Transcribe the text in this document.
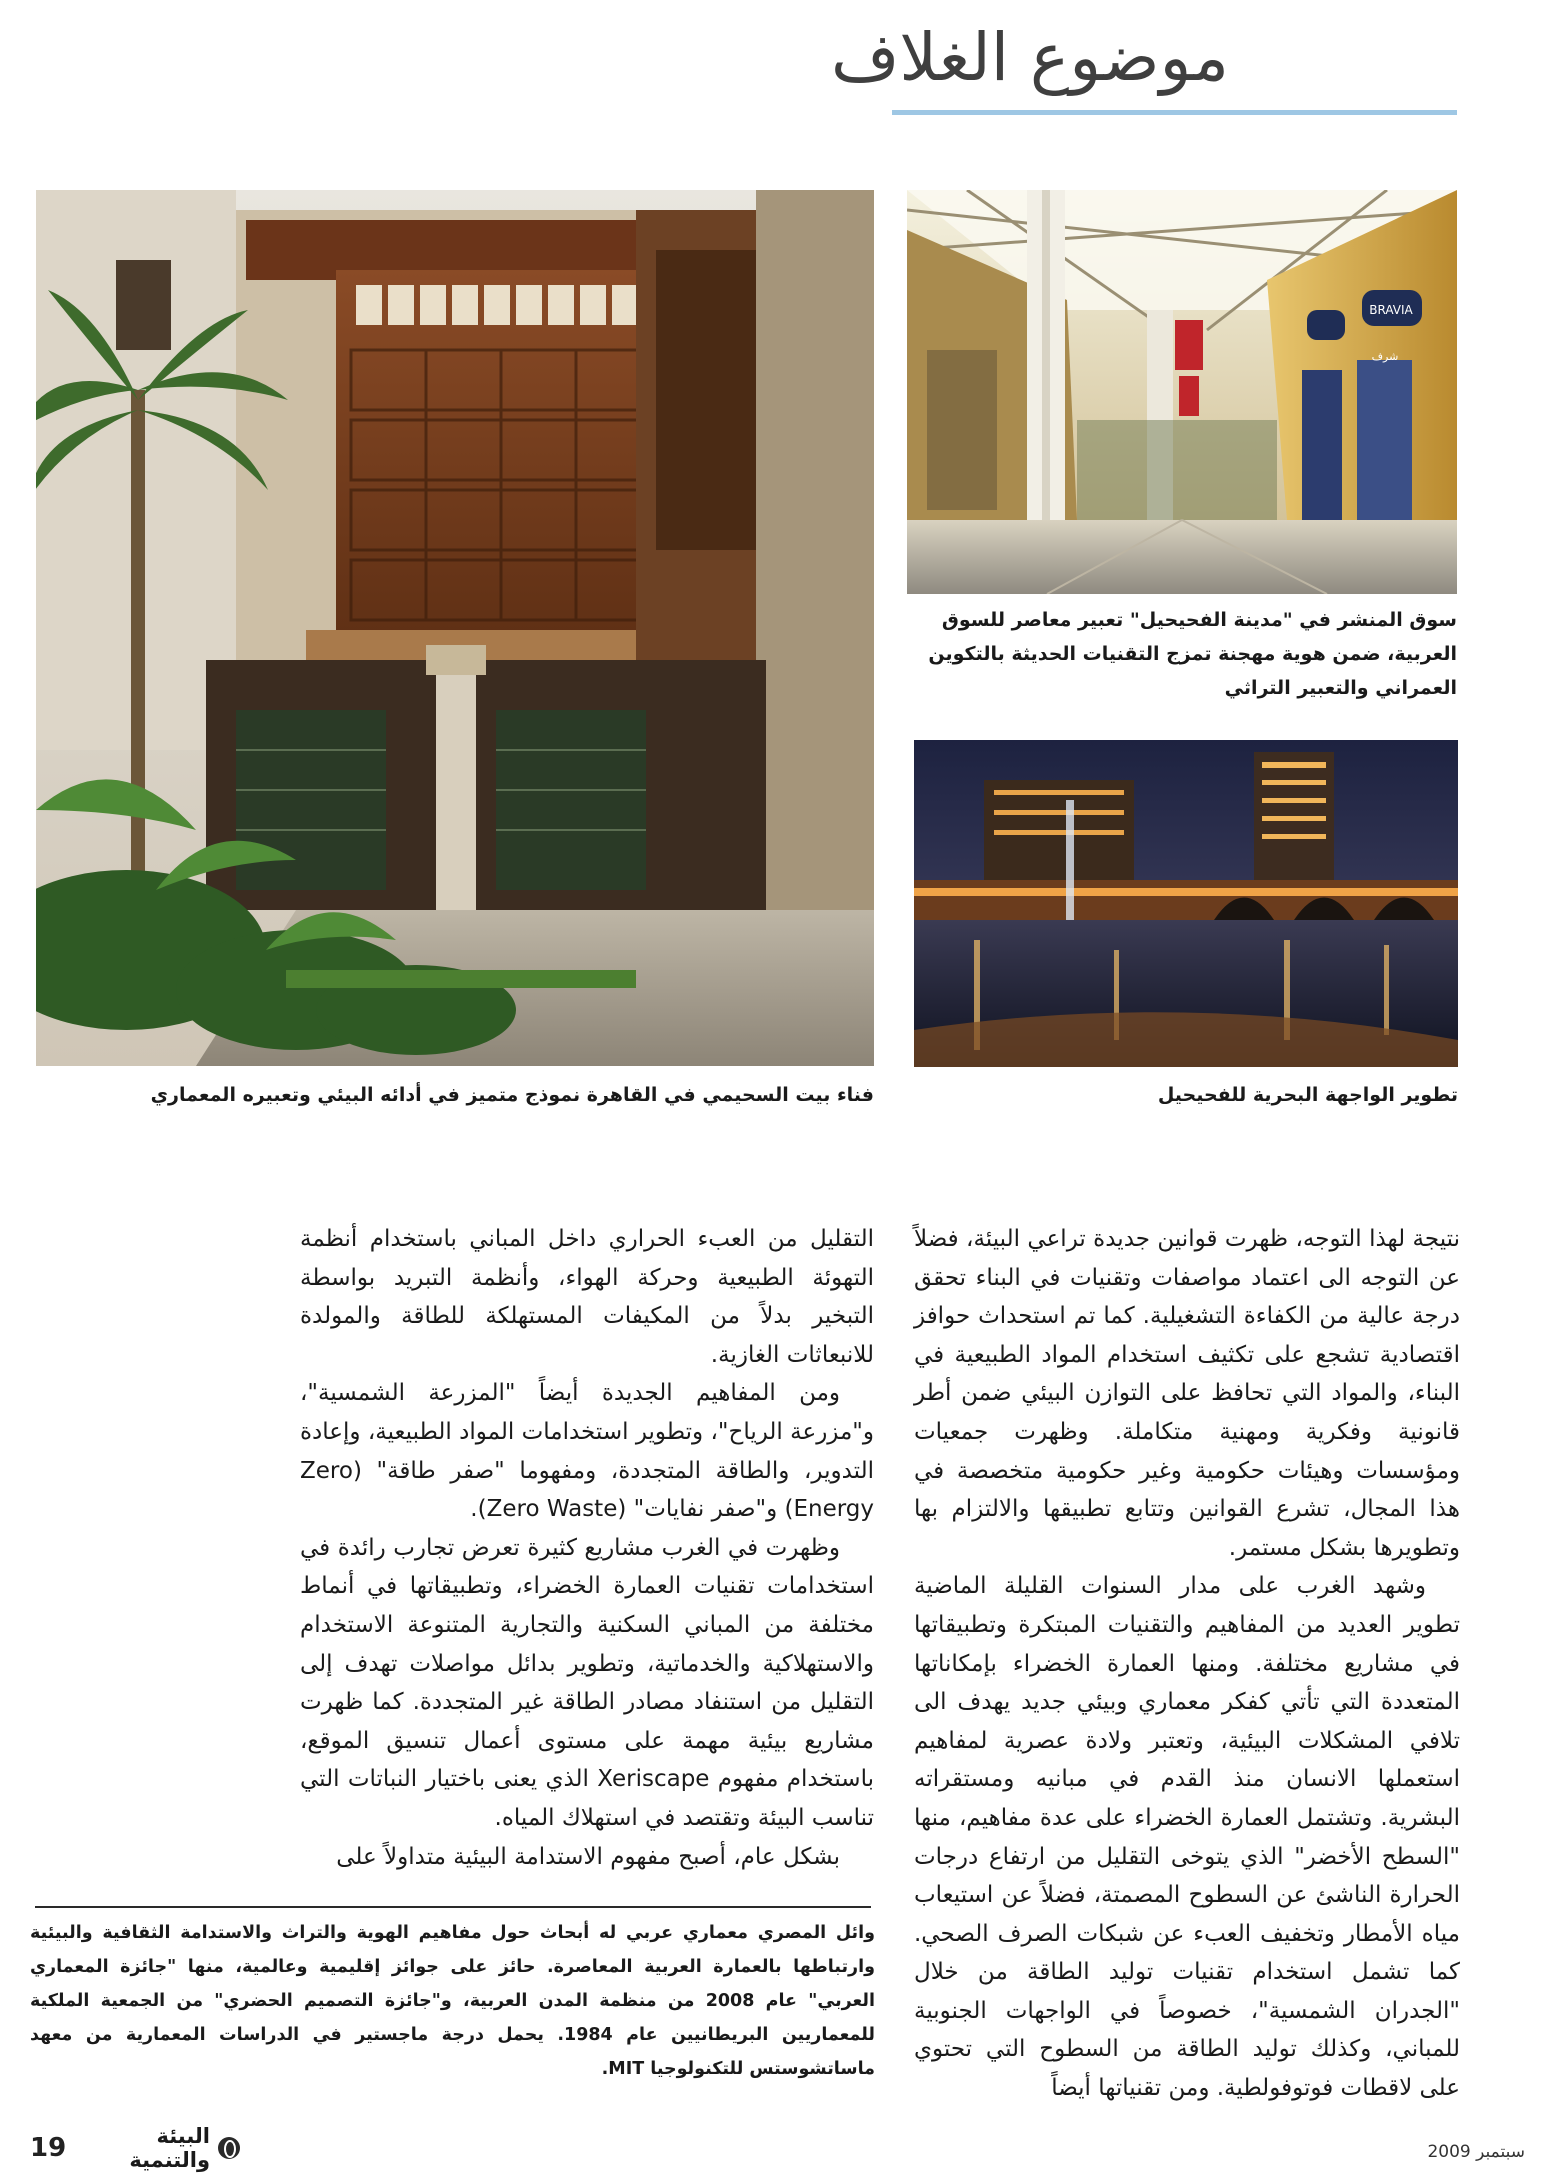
موضوع الغلاف
BRAVIA
شرف
سوق المنشر في "مدينة الفحيحيل" تعبير معاصر للسوق العربية، ضمن هوية مهجنة تمزج التقنيات الحديثة بالتكوين العمراني والتعبير التراثي
تطوير الواجهة البحرية للفحيحيل
فناء بيت السحيمي في القاهرة نموذج متميز في أدائه البيئي وتعبيره المعماري

نتيجة لهذا التوجه، ظهرت قوانين جديدة تراعي البيئة، فضلاً عن التوجه الى اعتماد مواصفات وتقنيات في البناء تحقق درجة عالية من الكفاءة التشغيلية. كما تم استحداث حوافز اقتصادية تشجع على تكثيف استخدام المواد الطبيعية في البناء، والمواد التي تحافظ على التوازن البيئي ضمن أطر قانونية وفكرية ومهنية متكاملة. وظهرت جمعيات ومؤسسات وهيئات حكومية وغير حكومية متخصصة في هذا المجال، تشرع القوانين وتتابع تطبيقها والالتزام بها وتطويرها بشكل مستمر.

وشهد الغرب على مدار السنوات القليلة الماضية تطوير العديد من المفاهيم والتقنيات المبتكرة وتطبيقاتها في مشاريع مختلفة. ومنها العمارة الخضراء بإمكاناتها المتعددة التي تأتي كفكر معماري وبيئي جديد يهدف الى تلافي المشكلات البيئية، وتعتبر ولادة عصرية لمفاهيم استعملها الانسان منذ القدم في مبانيه ومستقراته البشرية. وتشتمل العمارة الخضراء على عدة مفاهيم، منها "السطح الأخضر" الذي يتوخى التقليل من ارتفاع درجات الحرارة الناشئ عن السطوح المصمتة، فضلاً عن استيعاب مياه الأمطار وتخفيف العبء عن شبكات الصرف الصحي. كما تشمل استخدام تقنيات توليد الطاقة من خلال "الجدران الشمسية"، خصوصاً في الواجهات الجنوبية للمباني، وكذلك توليد الطاقة من السطوح التي تحتوي على لاقطات فوتوفولطية. ومن تقنياتها أيضاً

التقليل من العبء الحراري داخل المباني باستخدام أنظمة التهوئة الطبيعية وحركة الهواء، وأنظمة التبريد بواسطة التبخير بدلاً من المكيفات المستهلكة للطاقة والمولدة للانبعاثات الغازية.

ومن المفاهيم الجديدة أيضاً "المزرعة الشمسية"، و"مزرعة الرياح"، وتطوير استخدامات المواد الطبيعية، وإعادة التدوير، والطاقة المتجددة، ومفهوما "صفر طاقة" (Zero Energy) و"صفر نفايات" (Zero Waste).

وظهرت في الغرب مشاريع كثيرة تعرض تجارب رائدة في استخدامات تقنيات العمارة الخضراء، وتطبيقاتها في أنماط مختلفة من المباني السكنية والتجارية المتنوعة الاستخدام والاستهلاكية والخدماتية، وتطوير بدائل مواصلات تهدف إلى التقليل من استنفاد مصادر الطاقة غير المتجددة. كما ظهرت مشاريع بيئية مهمة على مستوى أعمال تنسيق الموقع، باستخدام مفهوم Xeriscape الذي يعنى باختيار النباتات التي تناسب البيئة وتقتصد في استهلاك المياه.

بشكل عام، أصبح مفهوم الاستدامة البيئية متداولاً على

وائل المصري معماري عربي له أبحاث حول مفاهيم الهوية والتراث والاستدامة الثقافية والبيئية وارتباطها بالعمارة العربية المعاصرة. حائز على جوائز إقليمية وعالمية، منها "جائزة المعماري العربي" عام 2008 من منظمة المدن العربية، و"جائزة التصميم الحضري" من الجمعية الملكية للمعماريين البريطانيين عام 1984. يحمل درجة ماجستير في الدراسات المعمارية من معهد ماساتشوستس للتكنولوجيا MIT.
سبتمبر 2009
19	البيئة والتنمية
